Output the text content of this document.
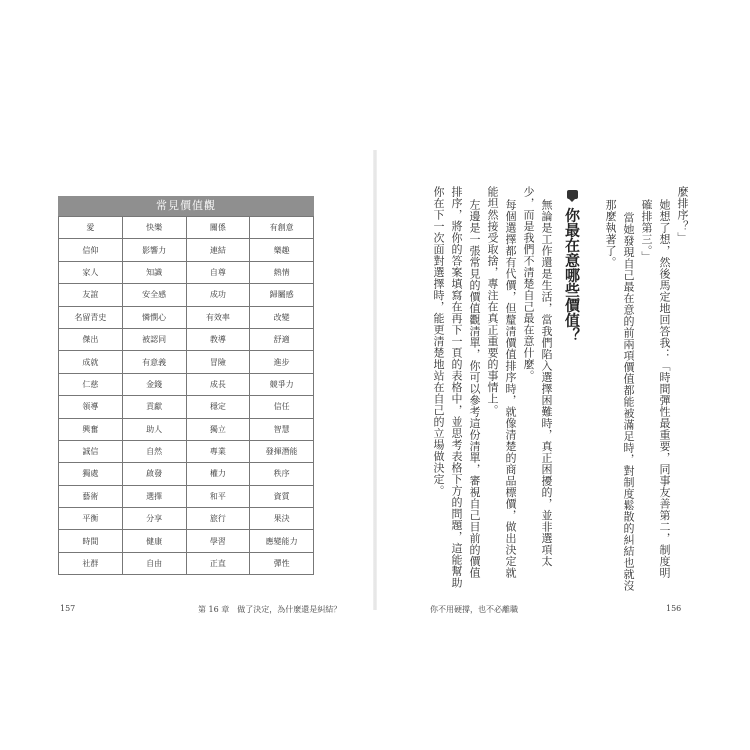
常見價值觀
愛	快樂	關係	有創意
信仰	影響力	連結	樂趣
家人	知識	自尊	熱情
友誼	安全感	成功	歸屬感
名留青史	憐憫心	有效率	改變
傑出	被認同	教導	舒適
成就	有意義	冒險	進步
仁慈	金錢	成長	競爭力
領導	貢獻	穩定	信任
興奮	助人	獨立	智慧
誠信	自然	專業	發揮潛能
獨處	啟發	權力	秩序
藝術	選擇	和平	資質
平衡	分享	旅行	果決
時間	健康	學習	應變能力
社群	自由	正直	彈性
157	第 16 章　做了決定，為什麼還是糾結？
麼排序？」
她想了想，然後馬定地回答我：「時間彈性最重要，同事友善第二，制度明
確排第三。」
當她發現自己最在意的前兩項價值都能被滿足時，對制度鬆散的糾結也就沒
那麼執著了。
你最在意哪些價值？
無論是工作還是生活，當我們陷入選擇困難時，真正困擾的，並非選項太
少，而是我們不清楚自己最在意什麼。
每個選擇都有代價，但釐清價值排序時，就像清楚的商品標價，做出決定就
能坦然接受取捨，專注在真正重要的事情上。
左邊是一張常見的價值觀清單，你可以參考這份清單，審視自己目前的價值
排序，將你的答案填寫在再下一頁的表格中，並思考表格下方的問題，這能幫助
你在下一次面對選擇時，能更清楚地站在自己的立場做決定。
你不用硬撐，也不必離職	156
